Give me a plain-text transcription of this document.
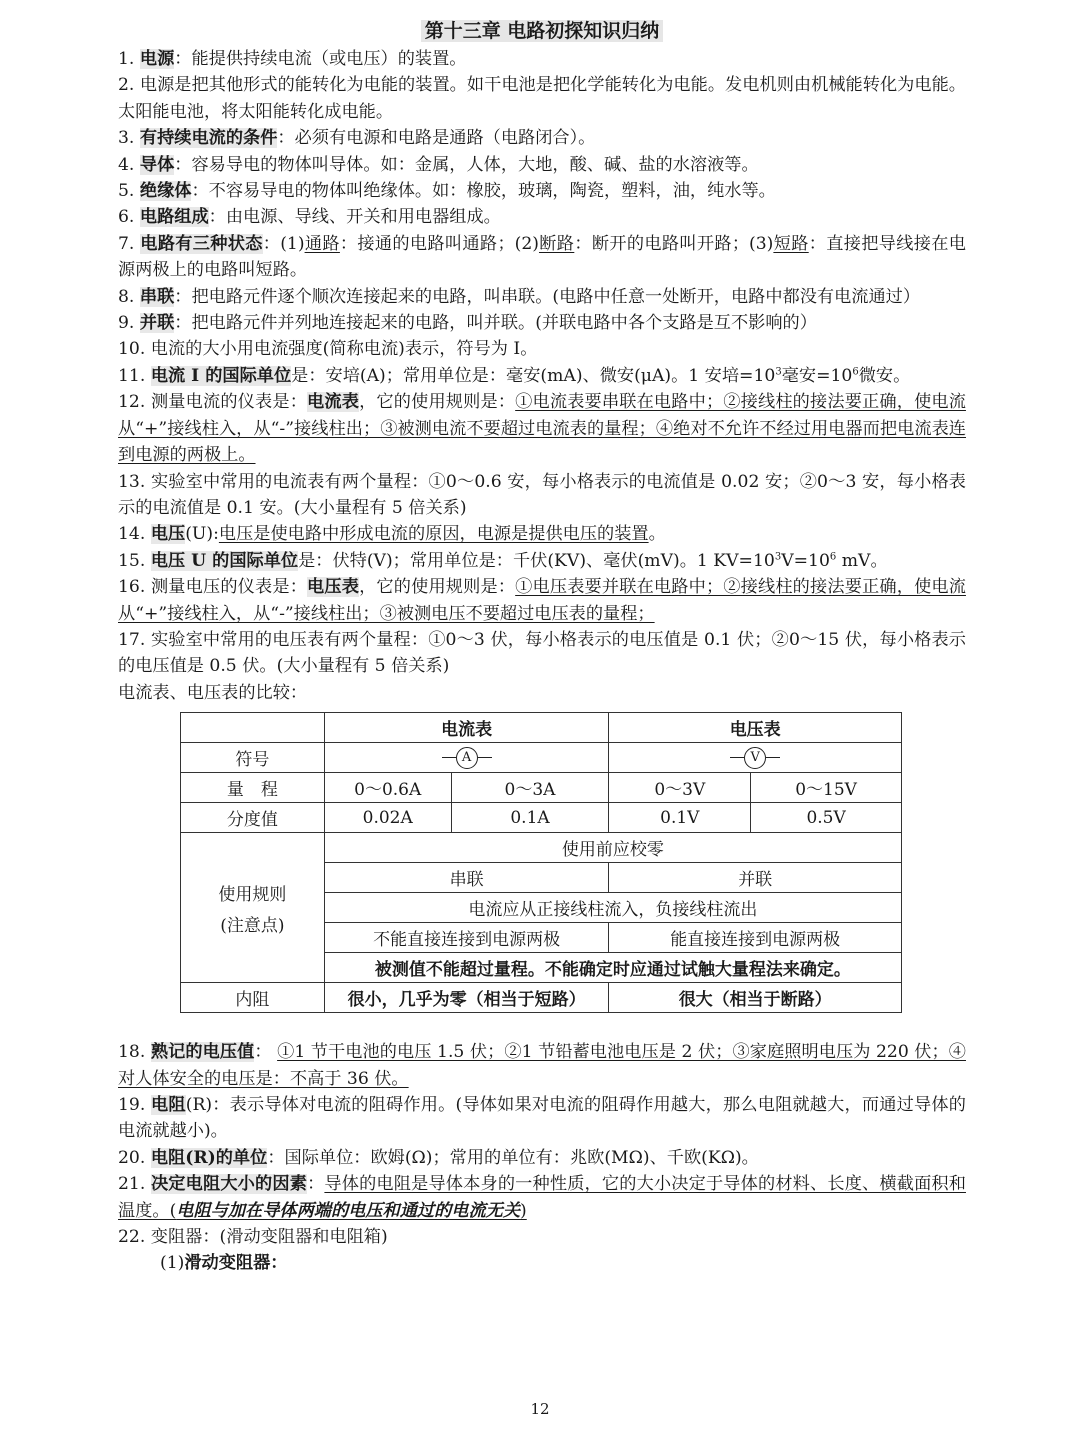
第十三章 电路初探知识归纳
1. 电源：能提供持续电流（或电压）的装置。
2. 电源是把其他形式的能转化为电能的装置。如干电池是把化学能转化为电能。发电机则由机械能转化为电能。太阳能电池，将太阳能转化成电能。
3. 有持续电流的条件：必须有电源和电路是通路（电路闭合）。
4. 导体：容易导电的物体叫导体。如：金属，人体，大地，酸、碱、盐的水溶液等。
5. 绝缘体：不容易导电的物体叫绝缘体。如：橡胶，玻璃，陶瓷，塑料，油，纯水等。
6. 电路组成：由电源、导线、开关和用电器组成。
7. 电路有三种状态：(1)通路：接通的电路叫通路；(2)断路：断开的电路叫开路；(3)短路：直接把导线接在电源两极上的电路叫短路。
8. 串联：把电路元件逐个顺次连接起来的电路，叫串联。(电路中任意一处断开，电路中都没有电流通过）
9. 并联：把电路元件并列地连接起来的电路，叫并联。(并联电路中各个支路是互不影响的）
10. 电流的大小用电流强度(简称电流)表示，符号为 I。
11. 电流 I 的国际单位是：安培(A)；常用单位是：毫安(mA)、微安(μA)。1 安培$=10^3$毫安$=10^6$微安。
12. 测量电流的仪表是：电流表，它的使用规则是：①电流表要串联在电路中；②接线柱的接法要正确，使电流从“+”接线柱入，从“-”接线柱出；③被测电流不要超过电流表的量程；④绝对不允许不经过用电器而把电流表连到电源的两极上。
13. 实验室中常用的电流表有两个量程：①0～0.6 安，每小格表示的电流值是 0.02 安；②0～3 安，每小格表示的电流值是 0.1 安。(大小量程有 5 倍关系)
14. 电压(U):电压是使电路中形成电流的原因，电源是提供电压的装置。
15. 电压 U 的国际单位是：伏特(V)；常用单位是：千伏(KV)、毫伏(mV)。1 $KV=10^3V=10^6$ mV。
16. 测量电压的仪表是：电压表，它的使用规则是：①电压表要并联在电路中；②接线柱的接法要正确，使电流从“+”接线柱入，从“-”接线柱出；③被测电压不要超过电压表的量程；
17. 实验室中常用的电压表有两个量程：①0～3 伏，每小格表示的电压值是 0.1 伏；②0～15 伏，每小格表示的电压值是 0.5 伏。(大小量程有 5 倍关系)
电流表、电压表的比较：
	电流表		电压表	
符号	A		V	

量　程	0～0.6A	0～3A	0～3V	0～15V
分度值	0.02A	0.1A	0.1V	0.5V

使用规则
(注意点)	使用前应校零			
	串联		并联	
	电流应从正接线柱流入，负接线柱流出			
	不能直接连接到电源两极		能直接连接到电源两极	
	被测值不能超过量程。不能确定时应通过试触大量程法来确定。			
内阻	很小，几乎为零（相当于短路）		很大（相当于断路）	
18. 熟记的电压值： ①1 节干电池的电压 1.5 伏；②1 节铅蓄电池电压是 2 伏；③家庭照明电压为 220 伏；④对人体安全的电压是：不高于 36 伏。
19. 电阻(R)：表示导体对电流的阻碍作用。(导体如果对电流的阻碍作用越大，那么电阻就越大，而通过导体的电流就越小)。
20. 电阻(R)的单位：国际单位：欧姆(Ω)；常用的单位有：兆欧(MΩ)、千欧(KΩ)。
21. 决定电阻大小的因素：导体的电阻是导体本身的一种性质，它的大小决定于导体的材料、长度、横截面积和温度。(电阻与加在导体两端的电压和通过的电流无关)
22. 变阻器：(滑动变阻器和电阻箱)
(1)滑动变阻器：
12
